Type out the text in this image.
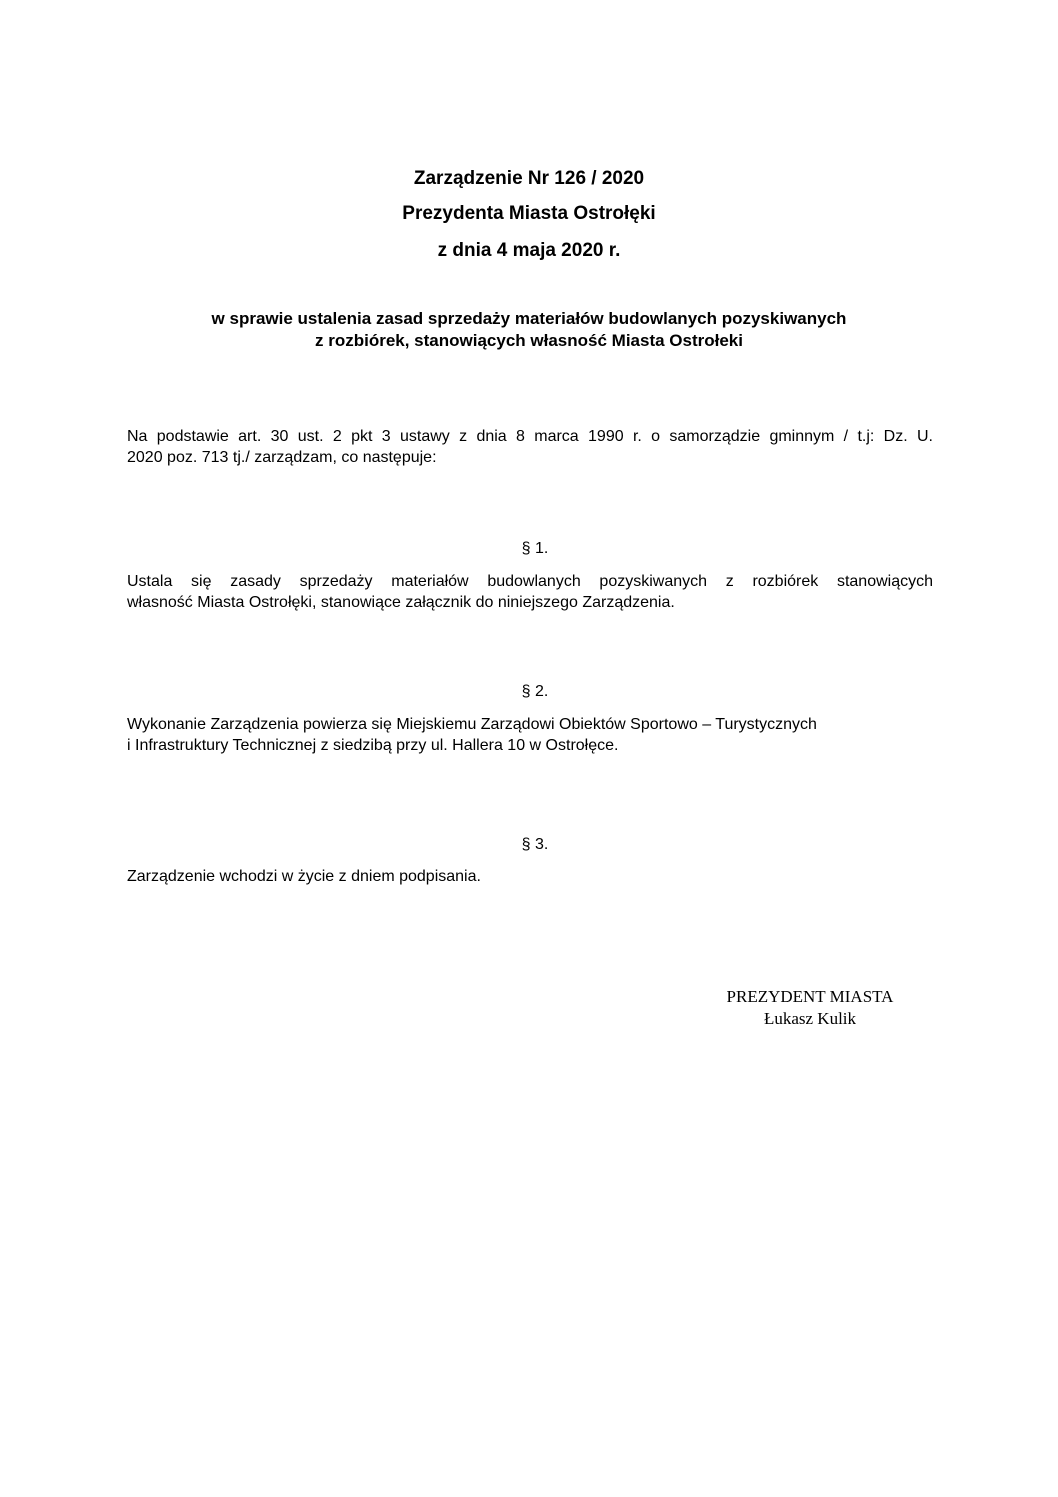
Zarządzenie Nr 126 / 2020
Prezydenta Miasta Ostrołęki
z dnia 4 maja 2020 r.
w sprawie ustalenia zasad sprzedaży materiałów budowlanych pozyskiwanych
z rozbiórek, stanowiących własność Miasta Ostrołeki
Na podstawie art. 30 ust. 2 pkt 3 ustawy z dnia 8 marca 1990 r. o samorządzie gminnym / t.j: Dz. U.
2020 poz. 713 tj./ zarządzam, co następuje:
§ 1.
Ustala się zasady sprzedaży materiałów budowlanych pozyskiwanych z rozbiórek stanowiących
własność Miasta Ostrołęki, stanowiące załącznik do niniejszego Zarządzenia.
§ 2.
Wykonanie Zarządzenia powierza się Miejskiemu Zarządowi Obiektów Sportowo – Turystycznych
i Infrastruktury Technicznej z siedzibą przy ul. Hallera 10 w Ostrołęce.
§ 3.
Zarządzenie wchodzi w życie z dniem podpisania.
PREZYDENT MIASTA
Łukasz Kulik
